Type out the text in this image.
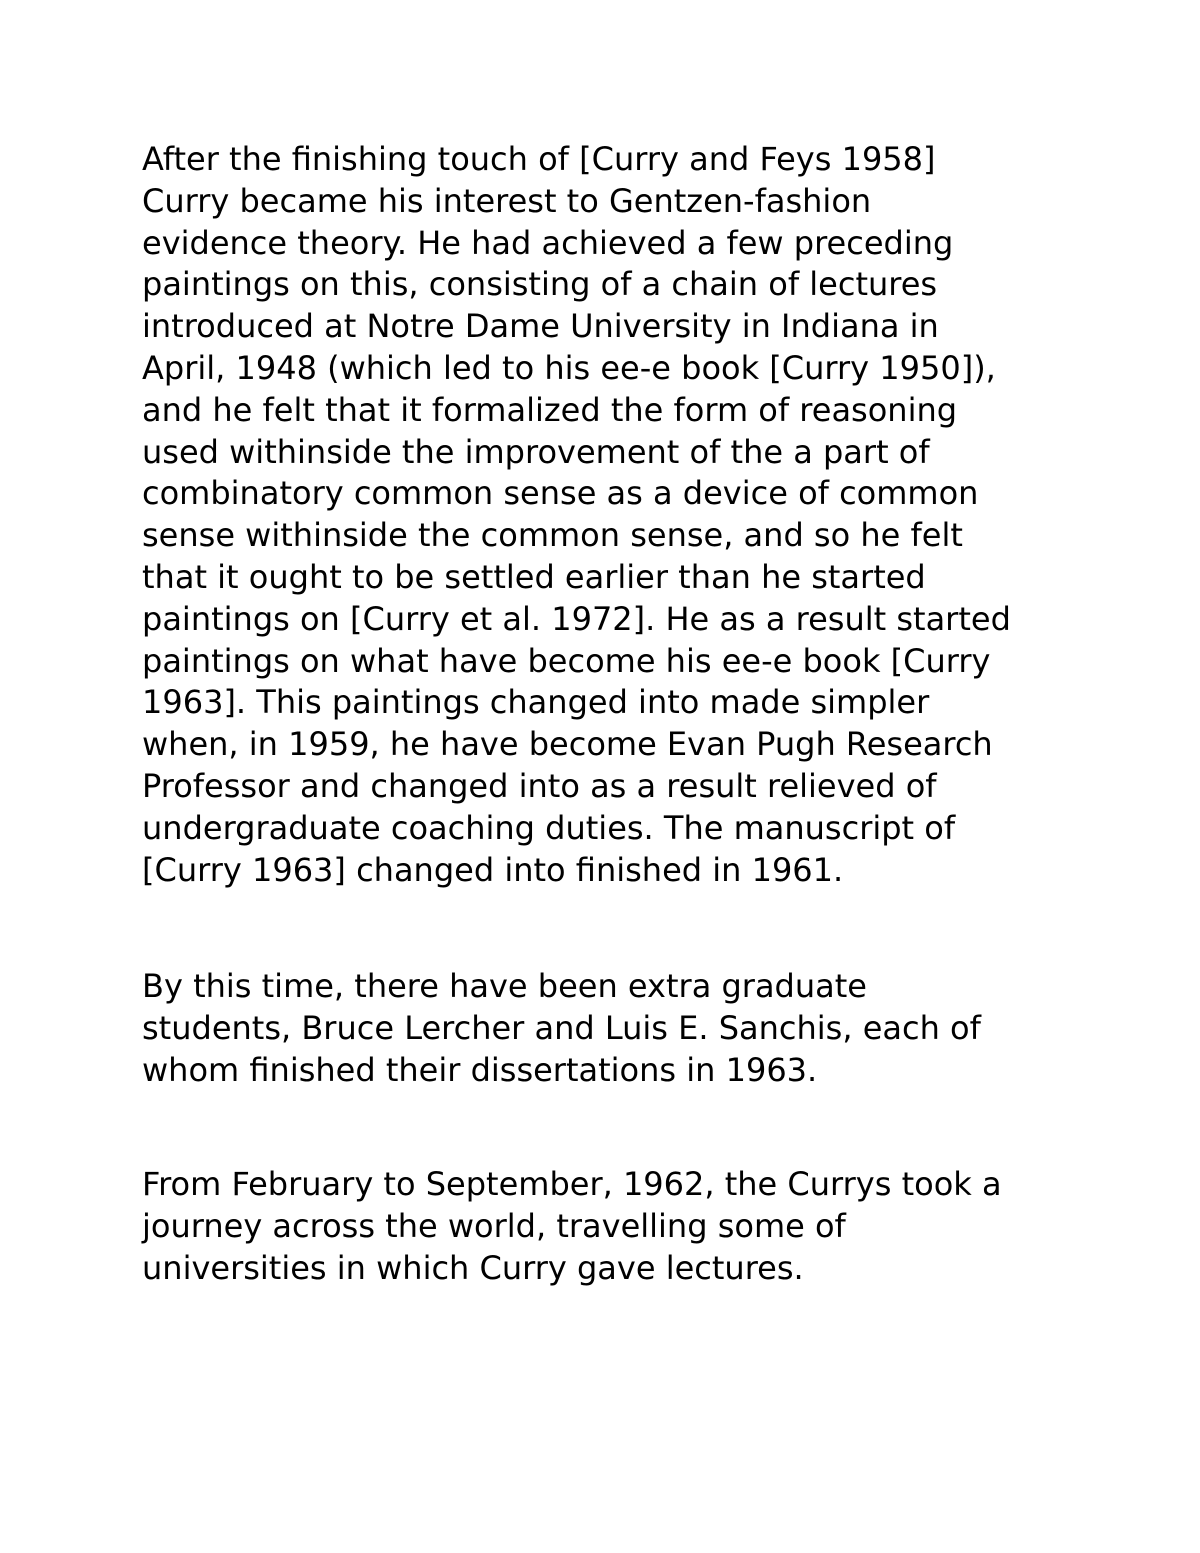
After the finishing touch of [Curry and Feys 1958]
Curry became his interest to Gentzen-fashion
evidence theory. He had achieved a few preceding
paintings on this, consisting of a chain of lectures
introduced at Notre Dame University in Indiana in
April, 1948 (which led to his ee-e book [Curry 1950]),
and he felt that it formalized the form of reasoning
used withinside the improvement of the a part of
combinatory common sense as a device of common
sense withinside the common sense, and so he felt
that it ought to be settled earlier than he started
paintings on [Curry et al. 1972]. He as a result started
paintings on what have become his ee-e book [Curry
1963]. This paintings changed into made simpler
when, in 1959, he have become Evan Pugh Research
Professor and changed into as a result relieved of
undergraduate coaching duties. The manuscript of
[Curry 1963] changed into finished in 1961.

By this time, there have been extra graduate
students, Bruce Lercher and Luis E. Sanchis, each of
whom finished their dissertations in 1963.

From February to September, 1962, the Currys took a
journey across the world, travelling some of
universities in which Curry gave lectures.
